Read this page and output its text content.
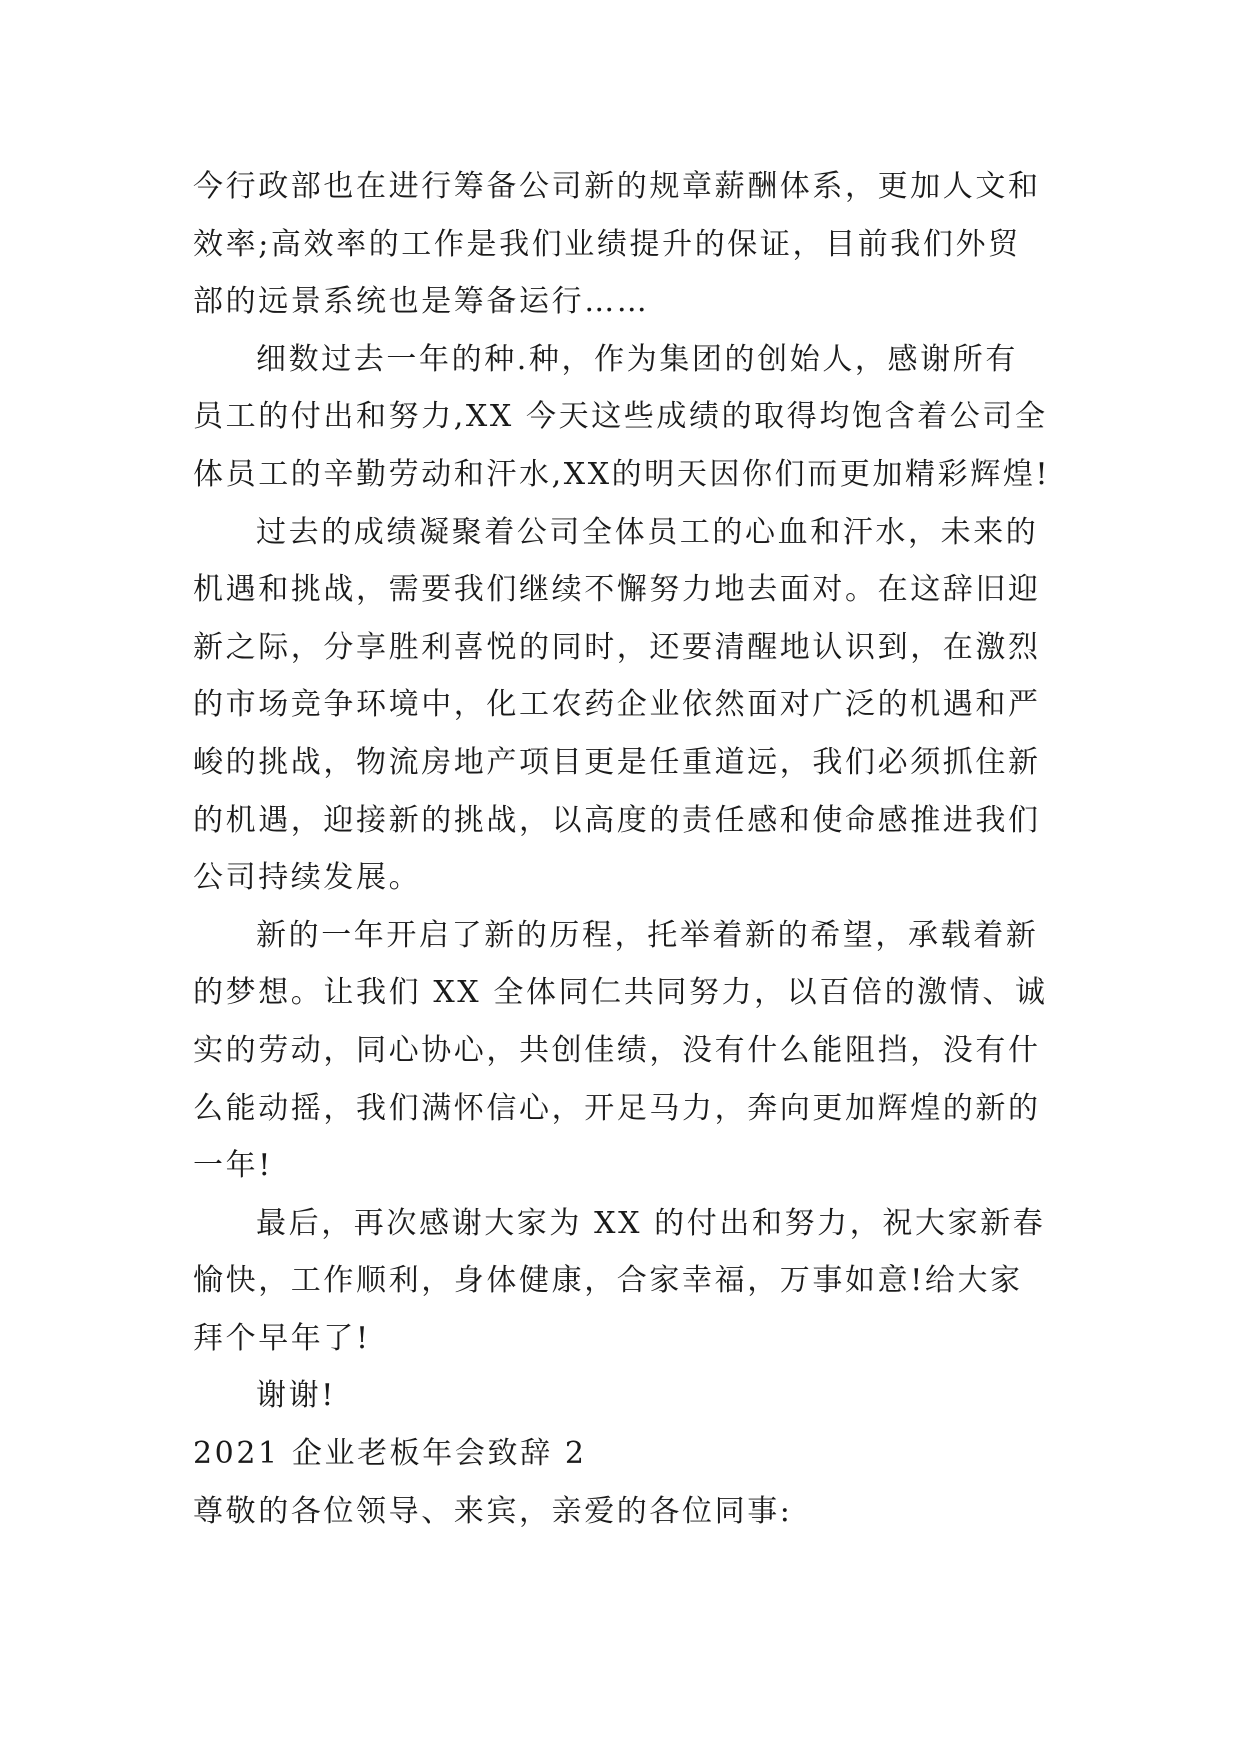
今行政部也在进行筹备公司新的规章薪酬体系，更加人文和
效率;高效率的工作是我们业绩提升的保证，目前我们外贸
部的远景系统也是筹备运行……
细数过去一年的种.种，作为集团的创始人，感谢所有
员工的付出和努力,XX 今天这些成绩的取得均饱含着公司全
体员工的辛勤劳动和汗水,XX的明天因你们而更加精彩辉煌!
过去的成绩凝聚着公司全体员工的心血和汗水，未来的
机遇和挑战，需要我们继续不懈努力地去面对。在这辞旧迎
新之际，分享胜利喜悦的同时，还要清醒地认识到，在激烈
的市场竞争环境中，化工农药企业依然面对广泛的机遇和严
峻的挑战，物流房地产项目更是任重道远，我们必须抓住新
的机遇，迎接新的挑战，以高度的责任感和使命感推进我们
公司持续发展。
新的一年开启了新的历程，托举着新的希望，承载着新
的梦想。让我们 XX 全体同仁共同努力，以百倍的激情、诚
实的劳动，同心协心，共创佳绩，没有什么能阻挡，没有什
么能动摇，我们满怀信心，开足马力，奔向更加辉煌的新的
一年!
最后，再次感谢大家为 XX 的付出和努力，祝大家新春
愉快，工作顺利，身体健康，合家幸福，万事如意!给大家
拜个早年了!
谢谢!
2021 企业老板年会致辞 2
尊敬的各位领导、来宾，亲爱的各位同事:
